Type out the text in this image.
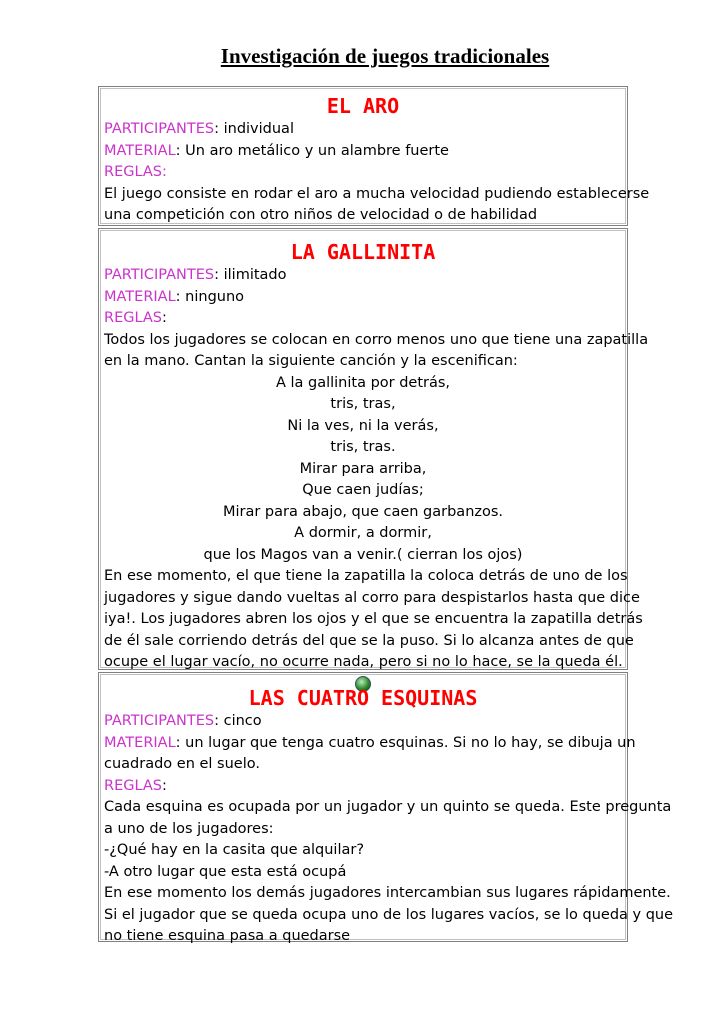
Investigación de juegos tradicionales
EL ARO
PARTICIPANTES: individual
MATERIAL: Un aro metálico y un alambre fuerte
REGLAS:
El juego consiste en rodar el aro a mucha velocidad pudiendo establecerse
una competición con otro niños de velocidad o de habilidad
LA GALLINITA
PARTICIPANTES: ilimitado
MATERIAL: ninguno
REGLAS:
Todos los jugadores se colocan en corro menos uno que tiene una zapatilla
en la mano. Cantan la siguiente canción y la escenifican:
A la gallinita por detrás,
tris, tras,
Ni la ves, ni la verás,
tris, tras.
Mirar para arriba,
Que caen judías;
Mirar para abajo, que caen garbanzos.
A dormir, a dormir,
que los Magos van a venir.( cierran los ojos)
En ese momento, el que tiene la zapatilla la coloca detrás de uno de los
jugadores y sigue dando vueltas al corro para despistarlos hasta que dice
iya!. Los jugadores abren los ojos y el que se encuentra la zapatilla detrás
de él sale corriendo detrás del que se la puso. Si lo alcanza antes de que
ocupe el lugar vacío, no ocurre nada, pero si no lo hace, se la queda él.
LAS CUATRO ESQUINAS
PARTICIPANTES: cinco
MATERIAL: un lugar que tenga cuatro esquinas. Si no lo hay, se dibuja un
cuadrado en el suelo.
REGLAS:
Cada esquina es ocupada por un jugador y un quinto se queda. Este pregunta
a uno de los jugadores:
-¿Qué hay en la casita que alquilar?
-A otro lugar que esta está ocupá
En ese momento los demás jugadores intercambian sus lugares rápidamente.
Si el jugador que se queda ocupa uno de los lugares vacíos, se lo queda y que
no tiene esquina pasa a quedarse
